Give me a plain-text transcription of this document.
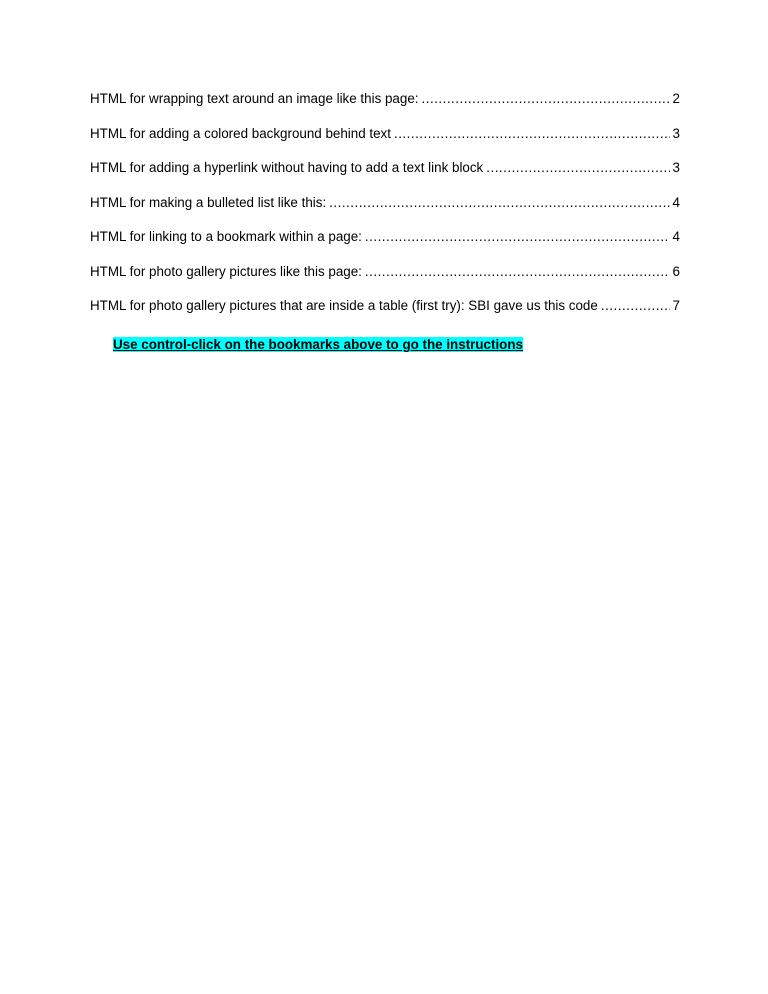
HTML for wrapping text around an image like this page: .....	2
HTML for adding a colored background behind text .....	3
HTML for adding a hyperlink without having to add a text link block .....	3
HTML for making a bulleted list like this: .....	4
HTML for linking to a bookmark within a page: .....	4
HTML for photo gallery pictures like this page: .....	6
HTML for photo gallery pictures that are inside a table (first try): SBI gave us this code .....	7
Use control-click on the bookmarks above to go the instructions
